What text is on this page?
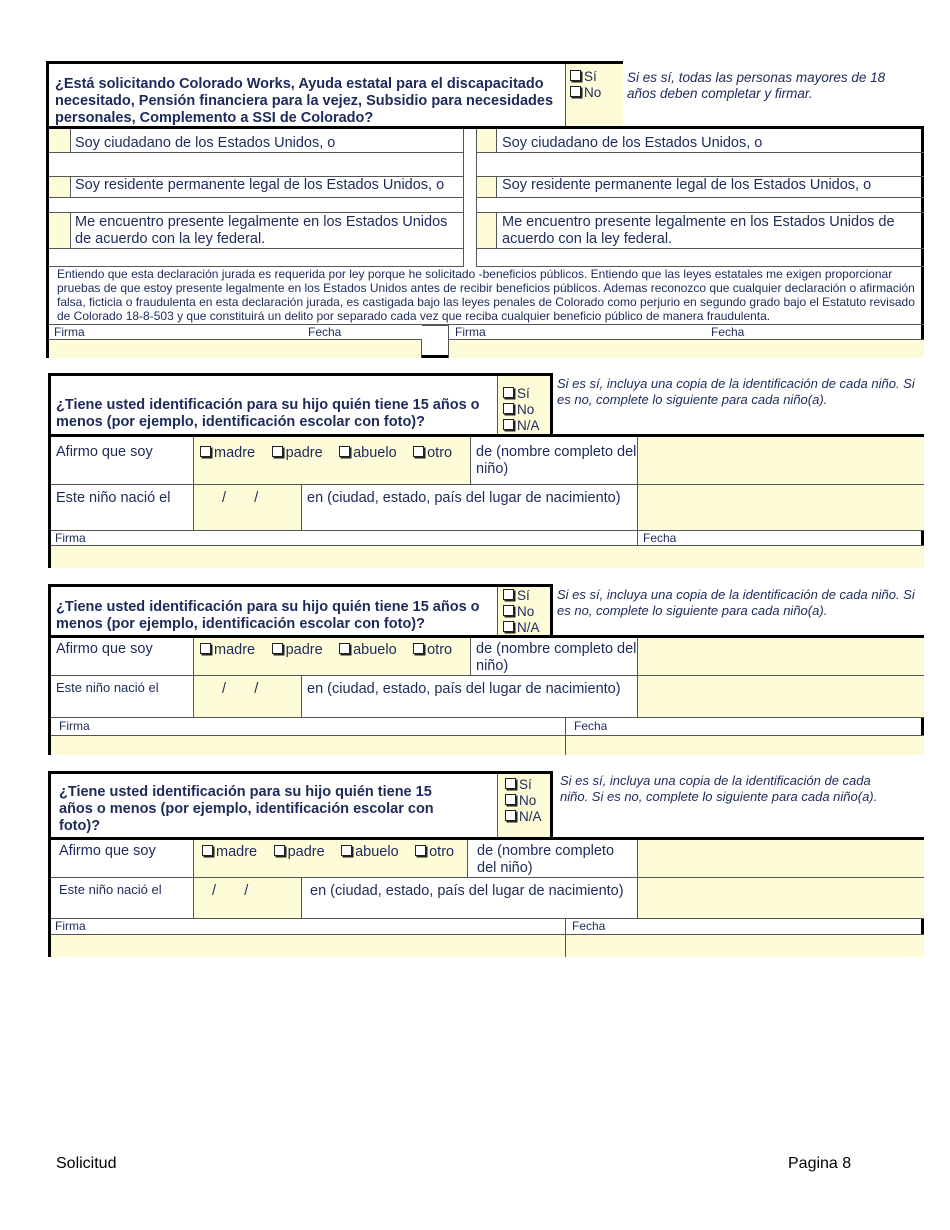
¿Está solicitando Colorado Works, Ayuda estatal para el discapacitado necesitado, Pensión financiera para la vejez, Subsidio para necesidades personales, Complemento a SSI de Colorado?
Sí
No
Si es sí, todas las personas mayores de 18 años deben completar y firmar.
Soy ciudadano de los Estados Unidos, o
Soy residente permanente legal de los Estados Unidos, o
Me encuentro presente legalmente en los Estados Unidos de acuerdo con la ley federal.
Soy ciudadano de los Estados Unidos, o
Soy residente permanente legal de los Estados Unidos, o
Me encuentro presente legalmente en los Estados Unidos de acuerdo con la ley federal.
Entiendo que esta declaración jurada es requerida por ley porque he solicitado -beneficios públicos. Entiendo que las leyes estatales me exigen proporcionar pruebas de que estoy presente legalmente en los Estados Unidos antes de recibir beneficios públicos. Ademas reconozco que cualquier declaración o afirmación falsa, ficticia o fraudulenta en esta declaración jurada, es castigada bajo las leyes penales de Colorado como perjurio en segundo grado bajo el Estatuto revisado de Colorado 18-8-503 y que constituirá un delito por separado cada vez que reciba cualquier beneficio público de manera fraudulenta.
Firma	Fecha	Firma	Fecha
¿Tiene usted identificación para su hijo quién tiene 15 años o menos (por ejemplo, identificación escolar con foto)?
Sí
No
N/A
Si es sí, incluya una copia de la identificación de cada niño. Si es no, complete lo siguiente para cada niño(a).
Afirmo que soy	madre padre abuelo otro	de (nombre completo del niño)
Este niño nació el	/       /	en (ciudad, estado, país del lugar de nacimiento)
Firma	Fecha
¿Tiene usted identificación para su hijo quién tiene 15 años o menos (por ejemplo, identificación escolar con foto)?
Sí
No
N/A
Si es sí, incluya una copia de la identificación de cada niño. Si es no, complete lo siguiente para cada niño(a).
Afirmo que soy	madre padre abuelo otro	de (nombre completo del niño)
Este niño nació el	/       /	en (ciudad, estado, país del lugar de nacimiento)
Firma	Fecha
¿Tiene usted identificación para su hijo quién tiene 15 años o menos (por ejemplo, identificación escolar con foto)?
Sí
No
N/A
Si es sí, incluya una copia de la identificación de cada niño. Si es no, complete lo siguiente para cada niño(a).
Afirmo que soy	madre padre abuelo otro	de (nombre completo del niño)
Este niño nació el	/       /	en (ciudad, estado, país del lugar de nacimiento)
Firma	Fecha
Solicitud	Pagina 8
